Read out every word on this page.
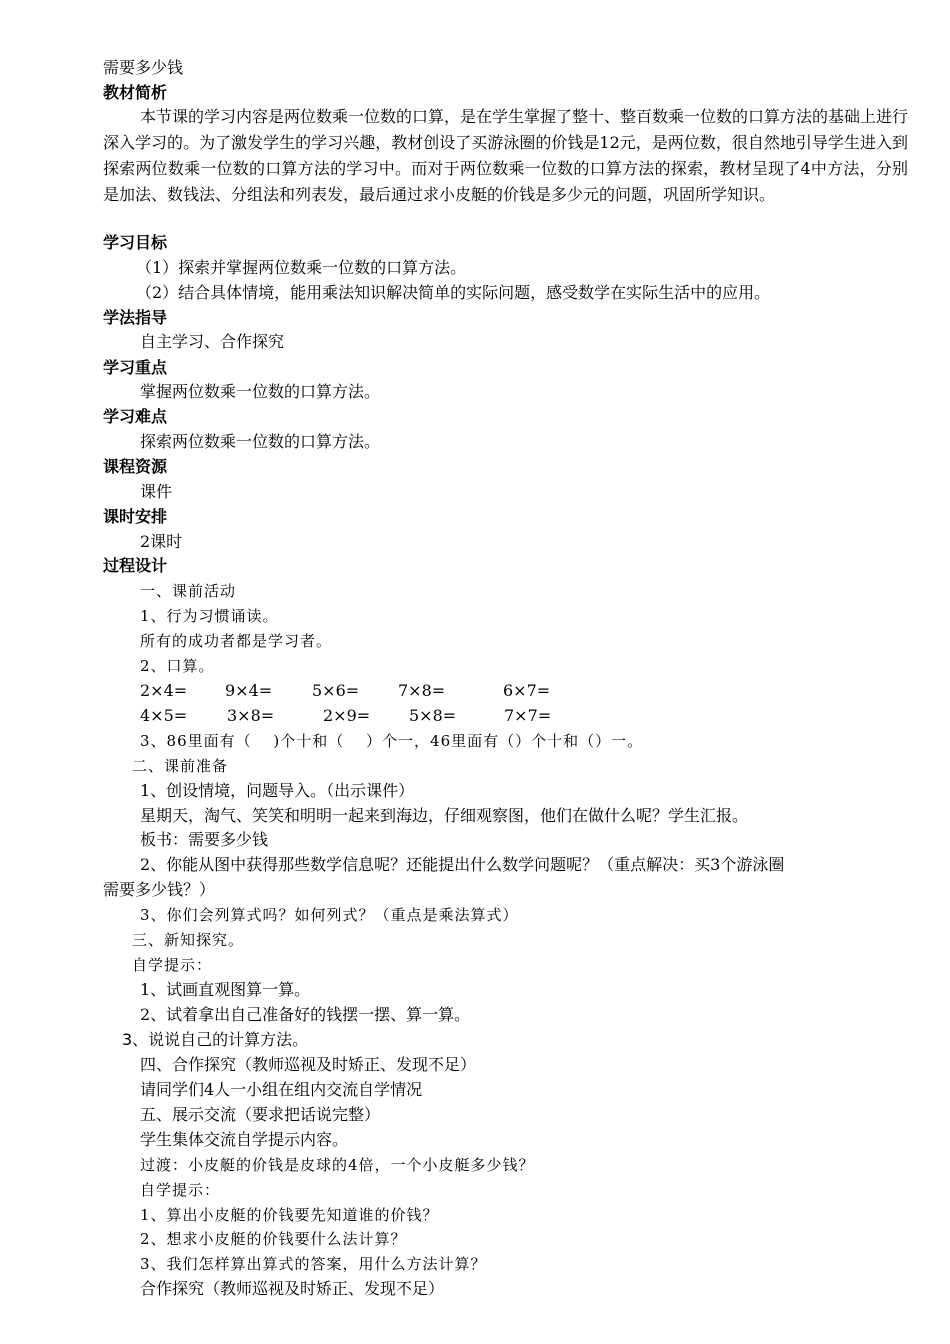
需要多少钱
教材简析
本节课的学习内容是两位数乘一位数的口算，是在学生掌握了整十、整百数乘一位数的口算方法的基础上进行深入学习的。为了激发学生的学习兴趣，教材创设了买游泳圈的价钱是12元，是两位数，很自然地引导学生进入到探索两位数乘一位数的口算方法的学习中。而对于两位数乘一位数的口算方法的探索，教材呈现了4中方法，分别是加法、数钱法、分组法和列表发，最后通过求小皮艇的价钱是多少元的问题，巩固所学知识。
学习目标
（1）探索并掌握两位数乘一位数的口算方法。
（2）结合具体情境，能用乘法知识解决简单的实际问题，感受数学在实际生活中的应用。
学法指导
自主学习、合作探究
学习重点
掌握两位数乘一位数的口算方法。
学习难点
探索两位数乘一位数的口算方法。
课程资源
课件
课时安排
2课时
过程设计
一、课前活动
1、行为习惯诵读。
所有的成功者都是学习者。
2、口算。
2×4= 9×4= 5×6= 7×8=	6×7=
4×5= 3×8=	2×9= 5×8=	7×7=
3、86里面有（　 )个十和（　 ）个一，46里面有（）个十和（）一。
二、课前准备
1、创设情境，问题导入。（出示课件）
星期天，淘气、笑笑和明明一起来到海边，仔细观察图，他们在做什么呢？学生汇报。
板书：需要多少钱
2、你能从图中获得那些数学信息呢？还能提出什么数学问题呢？（重点解决：买3个游泳圈
需要多少钱？）
3、你们会列算式吗？如何列式？（重点是乘法算式）
三、新知探究。
自学提示：
1、试画直观图算一算。
2、试着拿出自己准备好的钱摆一摆、算一算。
3、说说自己的计算方法。
四、合作探究（教师巡视及时矫正、发现不足）
请同学们4人一小组在组内交流自学情况
五、展示交流（要求把话说完整）
学生集体交流自学提示内容。
过渡：小皮艇的价钱是皮球的4倍，一个小皮艇多少钱？
自学提示：
1、算出小皮艇的价钱要先知道谁的价钱？
2、想求小皮艇的价钱要什么法计算？
3、我们怎样算出算式的答案，用什么方法计算？
合作探究（教师巡视及时矫正、发现不足）
